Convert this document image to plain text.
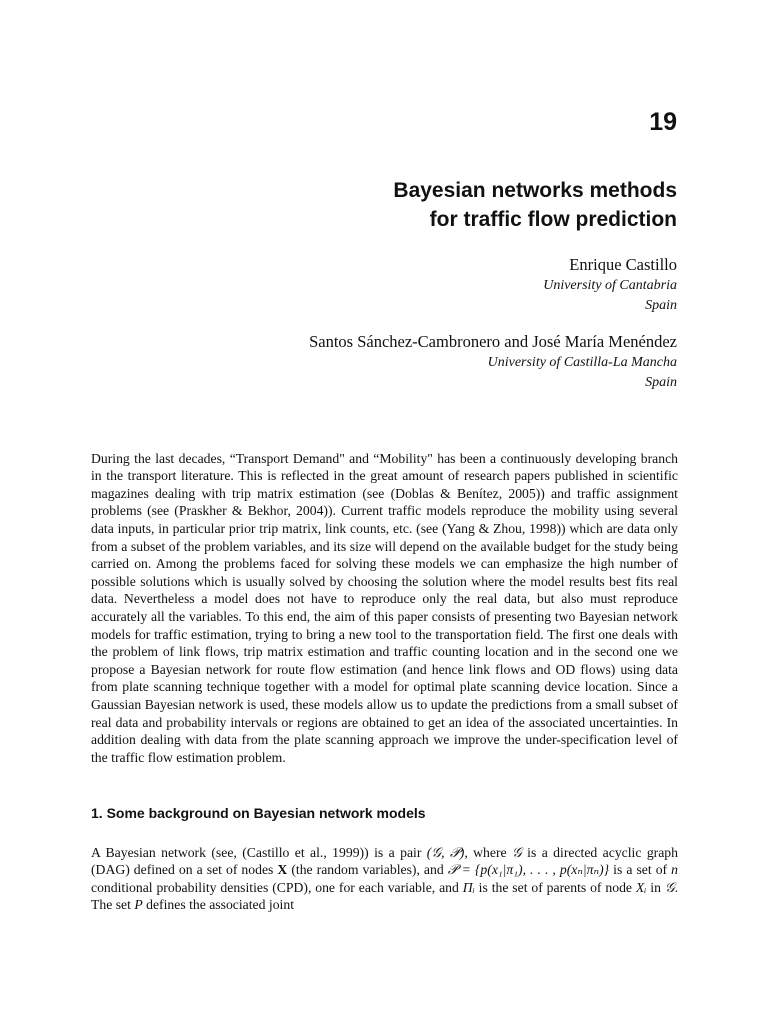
19
Bayesian networks methods
for traffic flow prediction
Enrique Castillo
University of Cantabria
Spain
Santos Sánchez-Cambronero and José María Menéndez
University of Castilla-La Mancha
Spain

During the last decades, “Transport Demand" and “Mobility" has been a continuously developing branch in the transport literature. This is reflected in the great amount of research papers published in scientific magazines dealing with trip matrix estimation (see (Doblas & Benítez, 2005)) and traffic assignment problems (see (Praskher & Bekhor, 2004)). Current traffic models reproduce the mobility using several data inputs, in particular prior trip matrix, link counts, etc. (see (Yang & Zhou, 1998)) which are data only from a subset of the problem variables, and its size will depend on the available budget for the study being carried on. Among the problems faced for solving these models we can emphasize the high number of possible solutions which is usually solved by choosing the solution where the model results best fits real data. Nevertheless a model does not have to reproduce only the real data, but also must reproduce accurately all the variables. To this end, the aim of this paper consists of presenting two Bayesian network models for traffic estimation, trying to bring a new tool to the transportation field. The first one deals with the problem of link flows, trip matrix estimation and traffic counting location and in the second one we propose a Bayesian network for route flow estimation (and hence link flows and OD flows) using data from plate scanning technique together with a model for optimal plate scanning device location. Since a Gaussian Bayesian network is used, these models allow us to update the predictions from a small subset of real data and probability intervals or regions are obtained to get an idea of the associated uncertainties. In addition dealing with data from the plate scanning approach we improve the under-specification level of the traffic flow estimation problem.

1. Some background on Bayesian network models

A Bayesian network (see, (Castillo et al., 1999)) is a pair (𝒢, 𝒫), where 𝒢 is a directed acyclic graph (DAG) defined on a set of nodes X (the random variables), and 𝒫 = {p(x₁|π₁), . . . , p(xₙ|πₙ)} is a set of n conditional probability densities (CPD), one for each variable, and Πᵢ is the set of parents of node Xᵢ in 𝒢. The set P defines the associated joint
